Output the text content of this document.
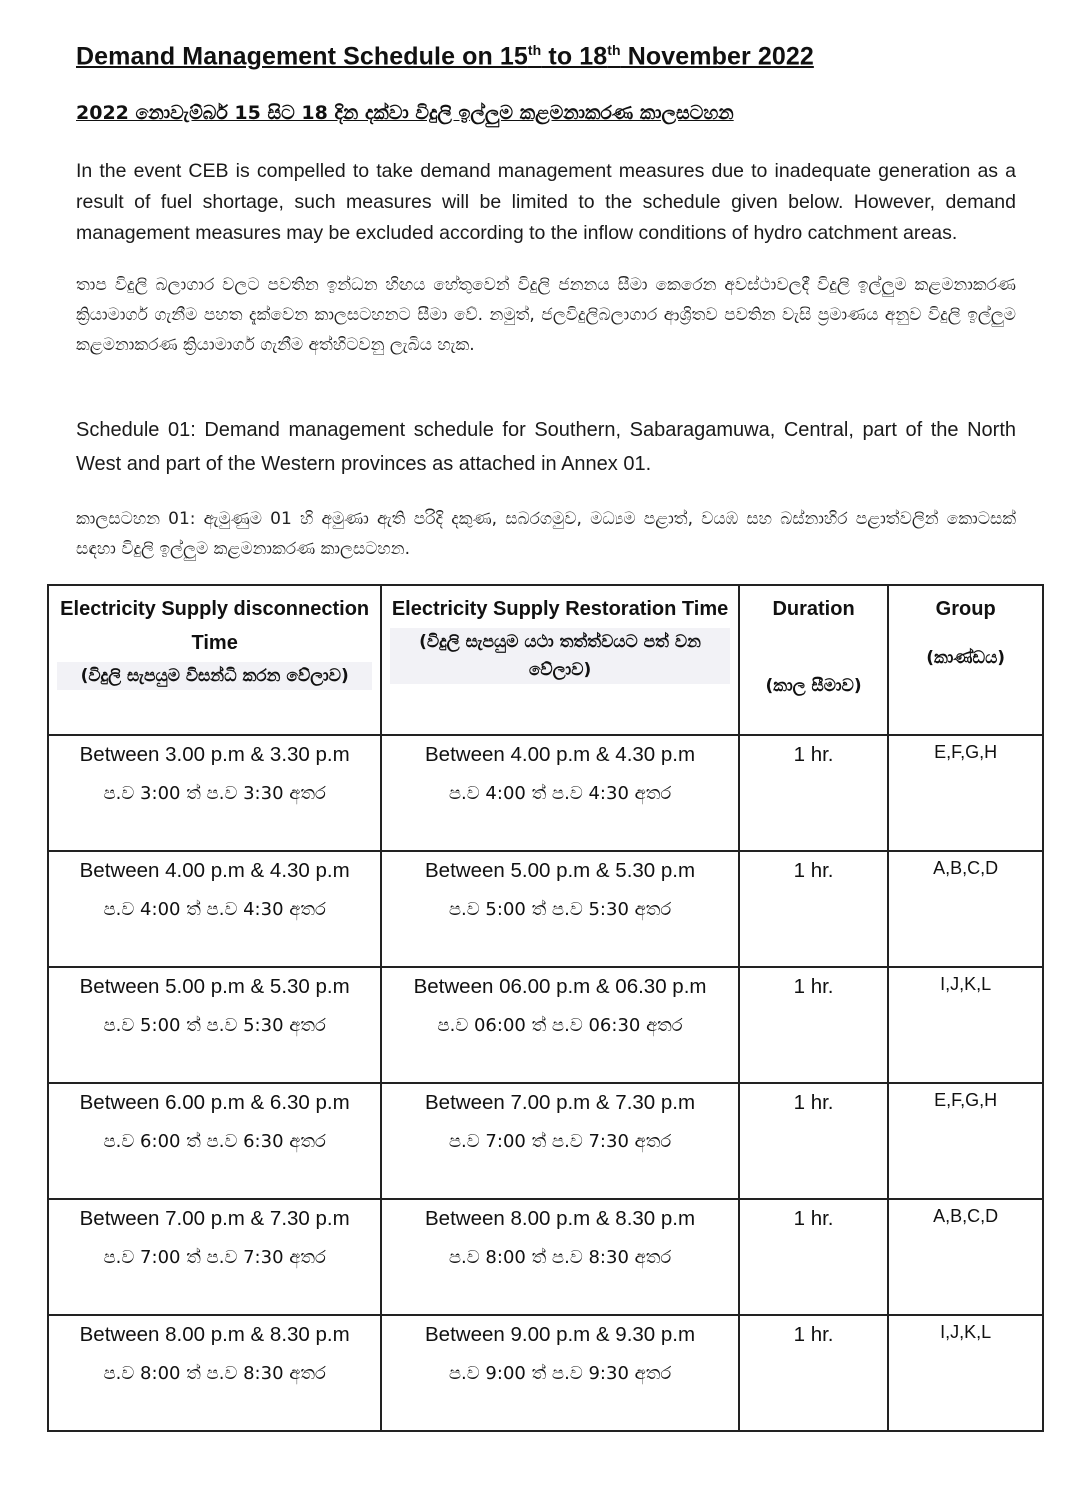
Demand Management Schedule on 15th to 18th November 2022

2022 නොවැම්බර් 15 සිට 18 දින දක්වා විදුලි ඉල්ලුම කළමනාකරණ කාලසටහන

In the event CEB is compelled to take demand management measures due to inadequate generation as a result of fuel shortage, such measures will be limited to the schedule given below. However, demand management measures may be excluded according to the inflow conditions of hydro catchment areas.

තාප විදුලි බලාගාර වලට පවතින ඉන්ධන හිඟය හේතුවෙන් විදුලි ජනනය සීමා කෙරෙන අවස්ථාවලදී විදුලි ඉල්ලුම කළමනාකරණ ක්‍රියාමාර්ග ගැනීම පහත දැක්වෙන කාලසටහනට සීමා වේ. නමුත්, ජලවිදුලිබලාගාර ආශ්‍රිතව පවතින වැසි ප්‍රමාණය අනුව විදුලි ඉල්ලුම කළමනාකරණ ක්‍රියාමාර්ග ගැනීම අත්හිටවනු ලැබිය හැක.

Schedule 01: Demand management schedule for Southern, Sabaragamuwa, Central, part of the North West and part of the Western provinces as attached in Annex 01.

කාලසටහන 01: ඇමුණුම 01 හි අමුණා ඇති පරිදි දකුණ, සබරගමුව, මධ්‍යම පළාත්, වයඹ සහ බස්නාහිර පළාත්වලින් කොටසක් සඳහා විදුලි ඉල්ලුම කළමනාකරණ කාලසටහන.

Electricity Supply disconnection Time
(විදුලි සැපයුම විසන්ධි කරන වේලාව)	Electricity Supply Restoration Time
(විදුලි සැපයුම යථා තත්ත්වයට පත් වන වේලාව)	Duration
(කාල සීමාව)	Group
(කාණ්ඩය)

Between 3.00 p.m & 3.30 p.m
ප.ව 3:00 ත් ප.ව 3:30 අතර	Between 4.00 p.m & 4.30 p.m
ප.ව 4:00 ත් ප.ව 4:30 අතර	1 hr.	E,F,G,H

Between 4.00 p.m & 4.30 p.m
ප.ව 4:00 ත් ප.ව 4:30 අතර	Between 5.00 p.m & 5.30 p.m
ප.ව 5:00 ත් ප.ව 5:30 අතර	1 hr.	A,B,C,D

Between 5.00 p.m & 5.30 p.m
ප.ව 5:00 ත් ප.ව 5:30 අතර	Between 06.00 p.m & 06.30 p.m
ප.ව 06:00 ත් ප.ව 06:30 අතර	1 hr.	I,J,K,L

Between 6.00 p.m & 6.30 p.m
ප.ව 6:00 ත් ප.ව 6:30 අතර	Between 7.00 p.m & 7.30 p.m
ප.ව 7:00 ත් ප.ව 7:30 අතර	1 hr.	E,F,G,H

Between 7.00 p.m & 7.30 p.m
ප.ව 7:00 ත් ප.ව 7:30 අතර	Between 8.00 p.m & 8.30 p.m
ප.ව 8:00 ත් ප.ව 8:30 අතර	1 hr.	A,B,C,D

Between 8.00 p.m & 8.30 p.m
ප.ව 8:00 ත් ප.ව 8:30 අතර	Between 9.00 p.m & 9.30 p.m
ප.ව 9:00 ත් ප.ව 9:30 අතර	1 hr.	I,J,K,L
